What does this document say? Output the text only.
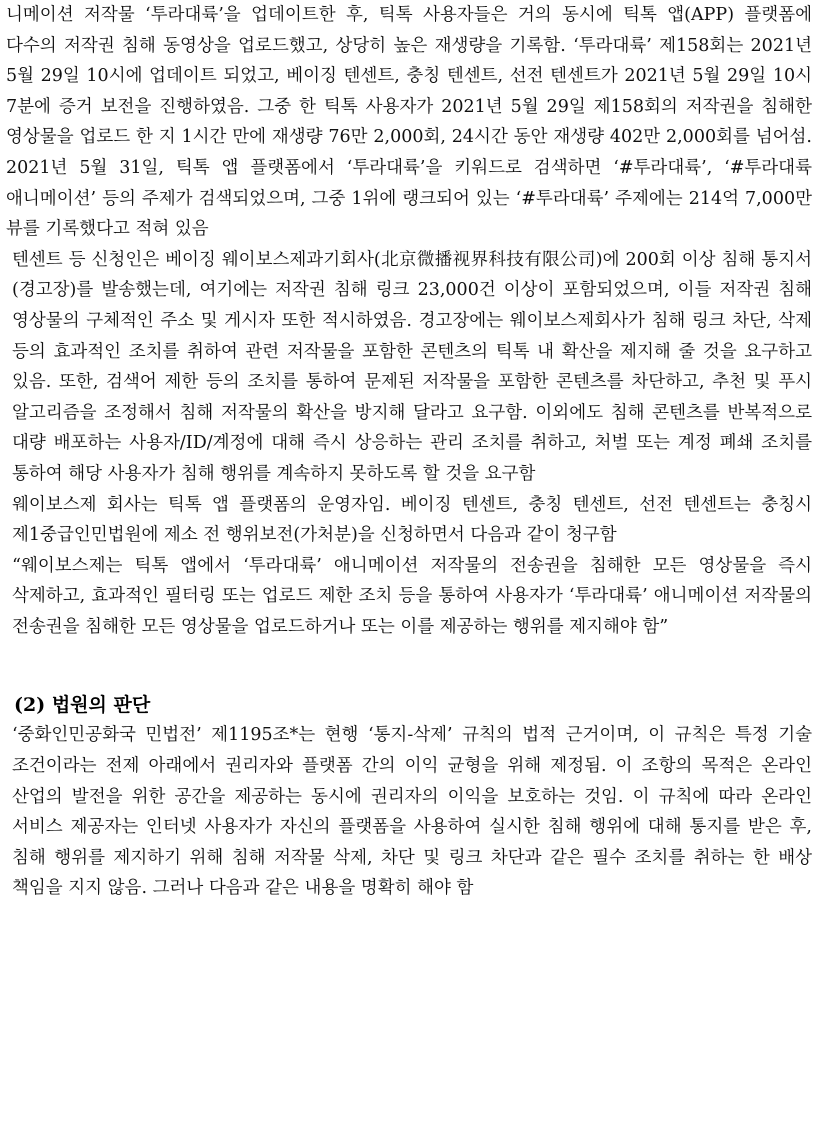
니메이션 저작물 ‘투라대륙’을 업데이트한 후, 틱톡 사용자들은 거의 동시에 틱톡 앱(APP) 플랫폼에 다수의 저작권 침해 동영상을 업로드했고, 상당히 높은 재생량을 기록함. ‘투라대륙’ 제158회는 2021년 5월 29일 10시에 업데이트 되었고, 베이징 텐센트, 충칭 텐센트, 선전 텐센트가 2021년 5월 29일 10시 7분에 증거 보전을 진행하였음. 그중 한 틱톡 사용자가 2021년 5월 29일 제158회의 저작권을 침해한 영상물을 업로드 한 지 1시간 만에 재생량 76만 2,000회, 24시간 동안 재생량 402만 2,000회를 넘어섬. 2021년 5월 31일, 틱톡 앱 플랫폼에서 ‘투라대륙’을 키워드로 검색하면 ‘#투라대륙’, ‘#투라대륙 애니메이션’ 등의 주제가 검색되었으며, 그중 1위에 랭크되어 있는 ‘#투라대륙’ 주제에는 214억 7,000만 뷰를 기록했다고 적혀 있음

텐센트 등 신청인은 베이징 웨이보스제과기회사(北京微播视界科技有限公司)에 200회 이상 침해 통지서(경고장)를 발송했는데, 여기에는 저작권 침해 링크 23,000건 이상이 포함되었으며, 이들 저작권 침해 영상물의 구체적인 주소 및 게시자 또한 적시하였음. 경고장에는 웨이보스제회사가 침해 링크 차단, 삭제 등의 효과적인 조치를 취하여 관련 저작물을 포함한 콘텐츠의 틱톡 내 확산을 제지해 줄 것을 요구하고 있음. 또한, 검색어 제한 등의 조치를 통하여 문제된 저작물을 포함한 콘텐츠를 차단하고, 추천 및 푸시 알고리즘을 조정해서 침해 저작물의 확산을 방지해 달라고 요구함. 이외에도 침해 콘텐츠를 반복적으로 대량 배포하는 사용자/ID/계정에 대해 즉시 상응하는 관리 조치를 취하고, 처벌 또는 계정 폐쇄 조치를 통하여 해당 사용자가 침해 행위를 계속하지 못하도록 할 것을 요구함

웨이보스제 회사는 틱톡 앱 플랫폼의 운영자임. 베이징 텐센트, 충칭 텐센트, 선전 텐센트는 충칭시 제1중급인민법원에 제소 전 행위보전(가처분)을 신청하면서 다음과 같이 청구함

“웨이보스제는 틱톡 앱에서 ‘투라대륙’ 애니메이션 저작물의 전송권을 침해한 모든 영상물을 즉시 삭제하고, 효과적인 필터링 또는 업로드 제한 조치 등을 통하여 사용자가 ‘투라대륙’ 애니메이션 저작물의 전송권을 침해한 모든 영상물을 업로드하거나 또는 이를 제공하는 행위를 제지해야 함”

(2) 법원의 판단

‘중화인민공화국 민법전’ 제1195조*는 현행 ‘통지-삭제’ 규칙의 법적 근거이며, 이 규칙은 특정 기술 조건이라는 전제 아래에서 권리자와 플랫폼 간의 이익 균형을 위해 제정됨. 이 조항의 목적은 온라인 산업의 발전을 위한 공간을 제공하는 동시에 권리자의 이익을 보호하는 것임. 이 규칙에 따라 온라인 서비스 제공자는 인터넷 사용자가 자신의 플랫폼을 사용하여 실시한 침해 행위에 대해 통지를 받은 후, 침해 행위를 제지하기 위해 침해 저작물 삭제, 차단 및 링크 차단과 같은 필수 조치를 취하는 한 배상 책임을 지지 않음. 그러나 다음과 같은 내용을 명확히 해야 함
